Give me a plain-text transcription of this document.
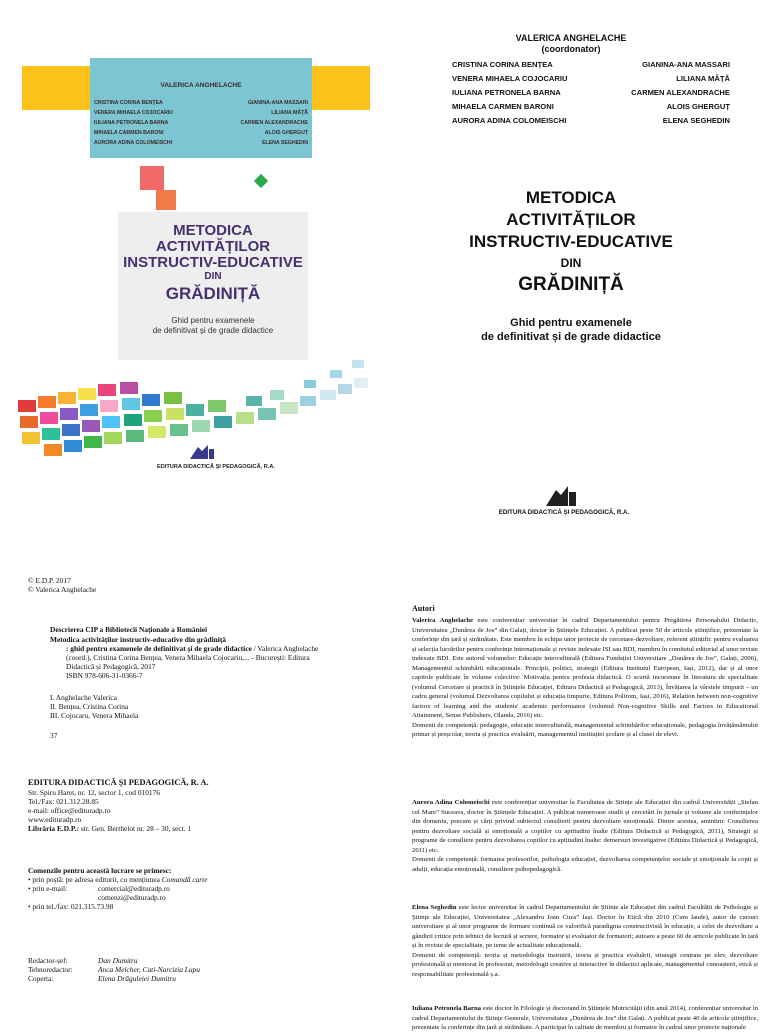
VALERICA ANGHELACHE
CRISTINA CORINA BENȚEA	GIANINA-ANA MASSARI
VENERA MIHAELA COJOCARIU	LILIANA MÂȚĂ
IULIANA PETRONELA BARNA	CARMEN ALEXANDRACHE
MIHAELA CARMEN BARONI	ALOIS GHERGUȚ
AURORA ADINA COLOMEISCHI	ELENA SEGHEDIN
METODICA
ACTIVITĂȚILOR
INSTRUCTIV-EDUCATIVE
DIN
GRĂDINIȚĂ
Ghid pentru examenele
de definitivat și de grade didactice
EDITURA DIDACTICĂ ȘI PEDAGOGICĂ, R.A.
VALERICA ANGHELACHE
(coordonator)
CRISTINA CORINA BENȚEA	GIANINA-ANA MASSARI
VENERA MIHAELA COJOCARIU	LILIANA MÂȚĂ
IULIANA PETRONELA BARNA	CARMEN ALEXANDRACHE
MIHAELA CARMEN BARONI	ALOIS GHERGUȚ
AURORA ADINA COLOMEISCHI	ELENA SEGHEDIN
METODICA
ACTIVITĂȚILOR
INSTRUCTIV-EDUCATIVE
DIN
GRĂDINIȚĂ
Ghid pentru examenele
de definitivat și de grade didactice
EDITURA DIDACTICĂ ȘI PEDAGOGICĂ, R.A.
© E.D.P. 2017
© Valerica Anghelache
Descrierea CIP a Bibliotecii Naționale a României
Metodica activităților instructiv-educative din grădiniță
: ghid pentru examenele de definitivat și de grade didactice / Valerica Anghelache
(coord.), Cristina Corina Bențea, Venera Mihaela Cojocariu,... - București: Editura
Didactică și Pedagogică, 2017
ISBN 978-606-31-0366-7
I. Anghelache Valerica
II. Bențea, Cristina Corina
III. Cojocaru, Venera Mihaela
37
EDITURA DIDACTICĂ ȘI PEDAGOGICĂ, R. A.
Str. Spiru Haret, nr. 12, sector 1, cod 010176
Tel./Fax: 021.312.28.85
e-mail: office@edituradp.ro
www.edituradp.ro
Librăria E.D.P.: str. Gen. Berthelot nr. 28 – 30, sect. 1
Comenzile pentru această lucrare se primesc:
• prin poștă: pe adresa editurii, cu mențiunea Comandă carte
• prin e-mail:	comercial@edituradp.ro
comenzi@edituradp.ro
• prin tel./fax: 021.315.73.98
Redactor-șef:	Dan Dumitru
Tehnoredactor:	Anca Melcher, Cati-Narcizia Lupu
Coperta:	Elena Drăguleiei Dumitru
Autori
Valerica Anghelache este conferențiar universitar în cadrul Departamentului pentru Pregătirea Personalului Didactic, Universitatea „Dunărea de Jos” din Galați, doctor în Științele Educației. A publicat peste 50 de articole științifice, prezentate la conferințe din țară și străinătate. Este membru în echipa unor proiecte de cercetare-dezvoltare, referent științific pentru evaluarea și selecția lucrărilor pentru conferințe internaționale și reviste indexate ISI sau BDI, membru în comitetul editorial al unor reviste indexate BDI. Este autorul volumelor: Educație interculturală (Editura Fundației Universitare „Dunărea de Jos”, Galați, 2006), Managementul schimbării educaționale. Principii, politici, strategii (Editura Institutul European, Iași, 2012), dar și al unor capitole publicate în volume colective: Motivația pentru profesia didactică. O scurtă incursiune în literatura de specialitate (volumul Cercetare și practică în Științele Educației, Editura Didactică și Pedagogică, 2013), Învățarea la vârstele timpurii – un cadru general (volumul Dezvoltarea copilului și educația timpurie, Editura Polirom, Iași, 2016), Relation between non-cognitive factors of learning and the students' academic performance (volumul Non-cognitive Skills and Factors in Educational Attainment, Sense Publishers, Olanda, 2016) etc.
Domenii de competență: pedagogie, educație interculturală, managementul schimbărilor educaționale, pedagogia învățământului primar și preșcolar, teoria și practica evaluării, managementul instituției școlare și al clasei de elevi.
Aurora Adina Colomeischi este conferențiar universitar la Facultatea de Științe ale Educației din cadrul Universității „Ștefan cel Mare” Suceava, doctor în Științele Educației. A publicat numeroase studii și cercetări în jurnale și volume ale conferințelor din domeniu, precum și cărți privind subiectul consilierii pentru dezvoltare emoțională. Dintre acestea, amintim: Consilierea pentru dezvoltare socială și emoțională a copiilor cu aptitudini înalte (Editura Didactică și Pedagogică, 2011), Strategii și programe de consiliere pentru dezvoltarea copiilor cu aptitudini înalte: demersuri investigative (Editura Didactică și Pedagogică, 2011) etc.
Domenii de competență: formarea profesorilor, psihologia educației, dezvoltarea competențelor sociale și emoționale la copii și adulți, educația emoțională, consiliere psihopedagogică.
Elena Seghedin este lector universitar în cadrul Departamentului de Științe ale Educației din cadrul Facultății de Psihologie și Științe ale Educației, Universitatea „Alexandru Ioan Cuza” Iași. Doctor în Etică din 2010 (Cum laude), autor de cursuri universitare și al unor programe de formare continuă ce valorifică paradigma constructivistă în educație, a celei de dezvoltare a gândirii critice prin tehnici de lectură și scriere, formator și evaluator de formatori; autoare a peste 60 de articole publicate în țară și în reviste de specialitate, pe teme de actualitate educațională.
Domenii de competență: teoria și metodologia instruirii, teoria și practica evaluării, strategii centrate pe elev, dezvoltare profesională și mentorat în profesorat, metodologii creative și interactive în didactici aplicate, managementul cunoașterii, etică și responsabilitate profesională ș.a.
Iuliana Petronela Barna este doctor în Filologie și doctorand în Științele Motricității (din anul 2014), conferențiar universitar în cadrul Departamentului de Științe Generale, Universitatea „Dunărea de Jos” din Galați. A publicat peste 40 de articole științifice, prezentate la conferințe din țară și străinătate. A participat în calitate de membru și formator în cadrul unor proiecte naționale
